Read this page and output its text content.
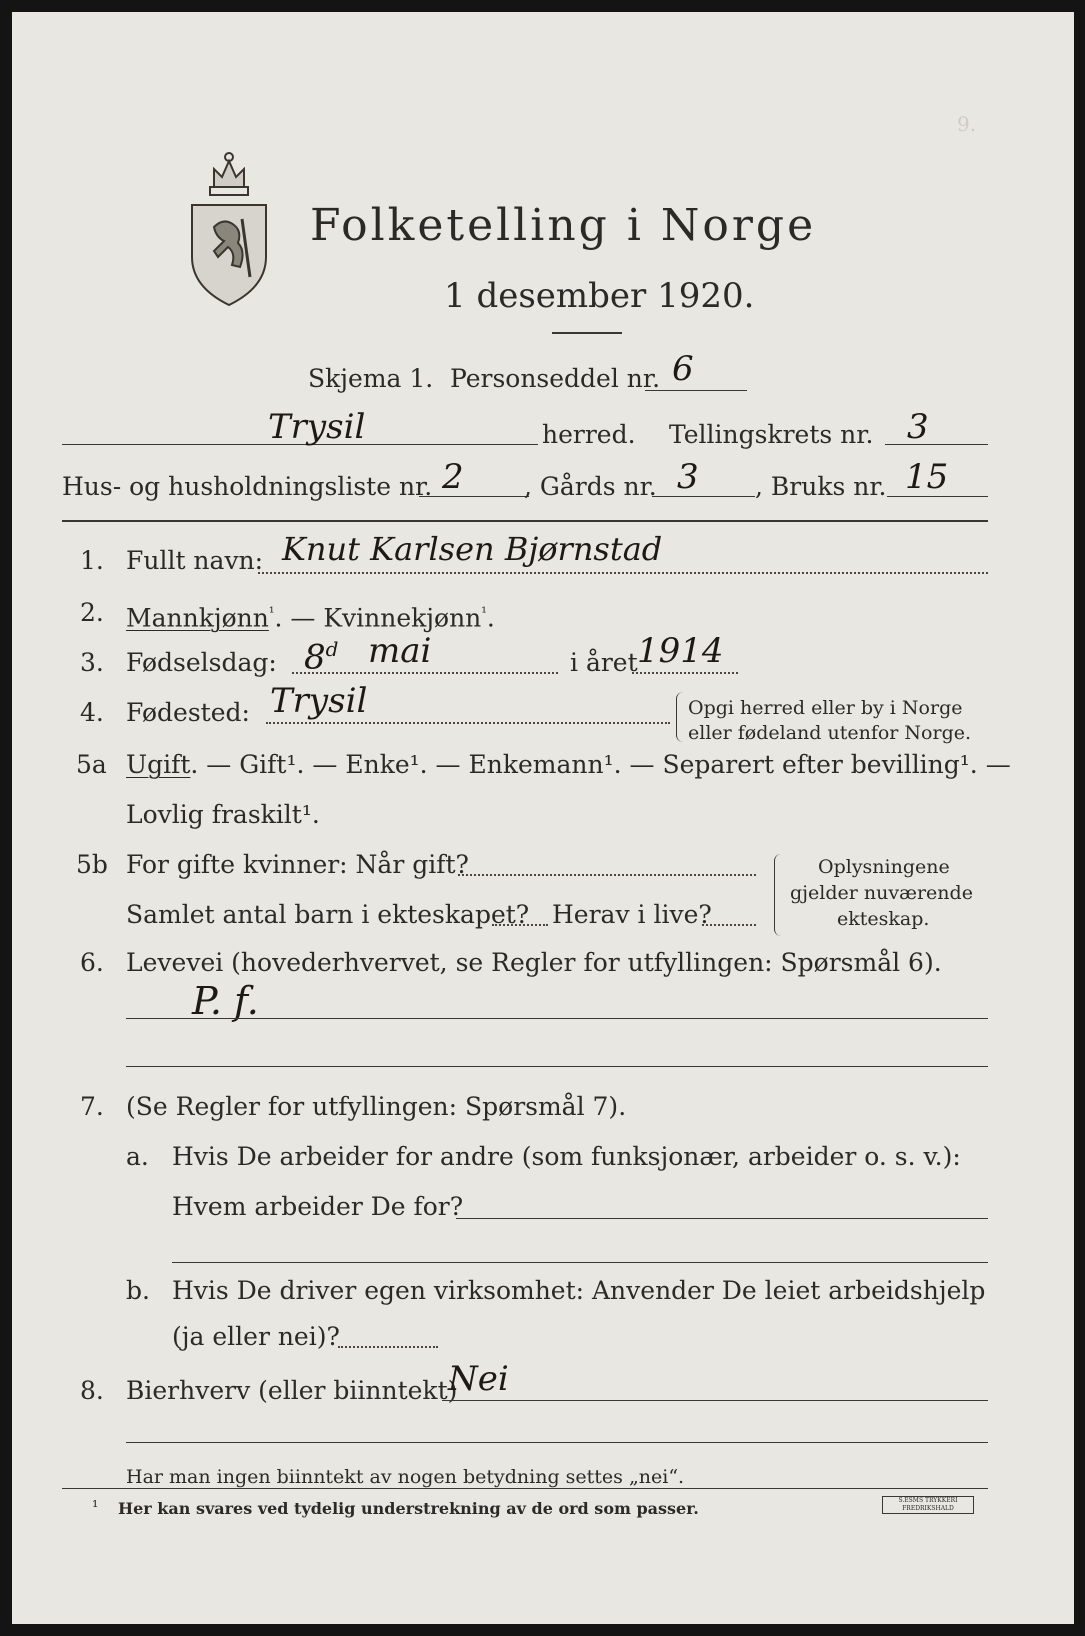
9.
Folketelling i Norge
1 desember 1920.
Skjema 1. Personseddel nr. 6
Trysil	herred. Tellingskrets nr. 3
Hus- og husholdningsliste nr. 2 , Gårds nr. 3 , Bruks nr. 15
1. Fullt navn: Knut Karlsen Bjørnstad
2. Mannkjønn$^{^1}$. — Kvinnekjønn$^{^1}$.
3. Fødselsdag: 8$^d$ mai	i året 1914
4. Fødested: Trysil	Opgi herred eller by i Norge
eller fødeland utenfor Norge.
5a Ugift. — Gift¹. — Enke¹. — Enkemann¹. — Separert efter bevilling¹. —
Lovlig fraskilt¹.
5b For gifte kvinner: Når gift?
Samlet antal barn i ekteskapet? Herav i live?
Oplysningene
gjelder nuværende
ekteskap.
6. Levevei (hovederhvervet, se Regler for utfyllingen: Spørsmål 6).
P. f.
7. (Se Regler for utfyllingen: Spørsmål 7).
a. Hvis De arbeider for andre (som funksjonær, arbeider o. s. v.):
Hvem arbeider De for?
b. Hvis De driver egen virksomhet: Anvender De leiet arbeidshjelp
(ja eller nei)?
8. Bierhverv (eller biinntekt)
Nei
Har man ingen biinntekt av nogen betydning settes „nei“.
¹ Her kan svares ved tydelig understrekning av de ord som passer.	S.ESMS TRYKKERI FREDRIKSHALD
